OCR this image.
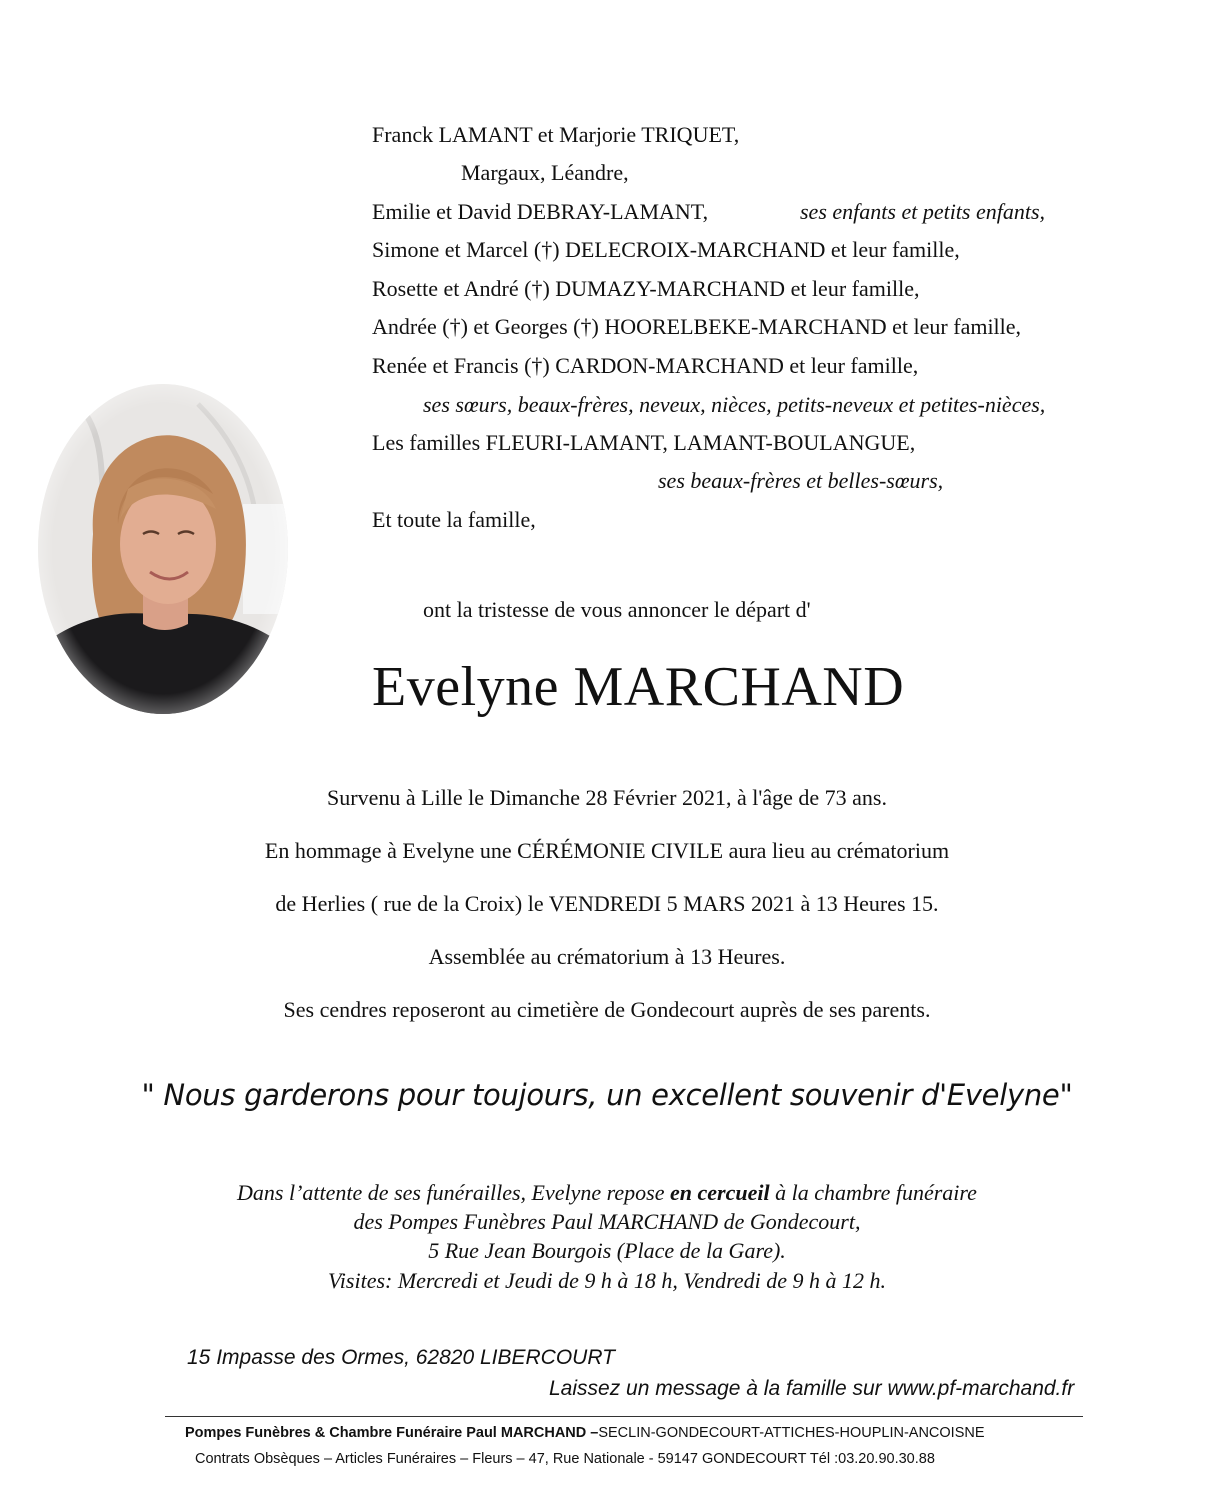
Franck LAMANT et Marjorie TRIQUET,
Margaux, Léandre,
Emilie et David DEBRAY-LAMANT,	ses enfants et petits enfants,
Simone et Marcel (†) DELECROIX-MARCHAND et leur famille,
Rosette et André (†) DUMAZY-MARCHAND et leur famille,
Andrée (†) et Georges (†) HOORELBEKE-MARCHAND et leur famille,
Renée et Francis (†) CARDON-MARCHAND et leur famille,
ses sœurs, beaux-frères, neveux, nièces, petits-neveux et petites-nièces,
Les familles FLEURI-LAMANT, LAMANT-BOULANGUE,
ses beaux-frères et belles-sœurs,
Et toute la famille,
ont la tristesse de vous annoncer le départ d'
Evelyne MARCHAND
Survenu à Lille le Dimanche 28 Février 2021, à l'âge de 73 ans.
En hommage à Evelyne une CÉRÉMONIE CIVILE aura lieu au crématorium
de Herlies ( rue de la Croix) le VENDREDI 5 MARS 2021 à 13 Heures 15.
Assemblée au crématorium à 13 Heures.
Ses cendres reposeront au cimetière de Gondecourt auprès de ses parents.
" Nous garderons pour toujours, un excellent souvenir d'Evelyne"
Dans l’attente de ses funérailles, Evelyne repose en cercueil à la chambre funéraire
des Pompes Funèbres Paul MARCHAND de Gondecourt,
5 Rue Jean Bourgois (Place de la Gare).
Visites: Mercredi et Jeudi de 9 h à 18 h, Vendredi de 9 h à 12 h.
15 Impasse des Ormes, 62820 LIBERCOURT
Laissez un message à la famille sur www.pf-marchand.fr
Pompes Funèbres & Chambre Funéraire Paul MARCHAND –SECLIN-GONDECOURT-ATTICHES-HOUPLIN-ANCOISNE
Contrats Obsèques – Articles Funéraires – Fleurs – 47, Rue Nationale - 59147 GONDECOURT Tél :03.20.90.30.88
